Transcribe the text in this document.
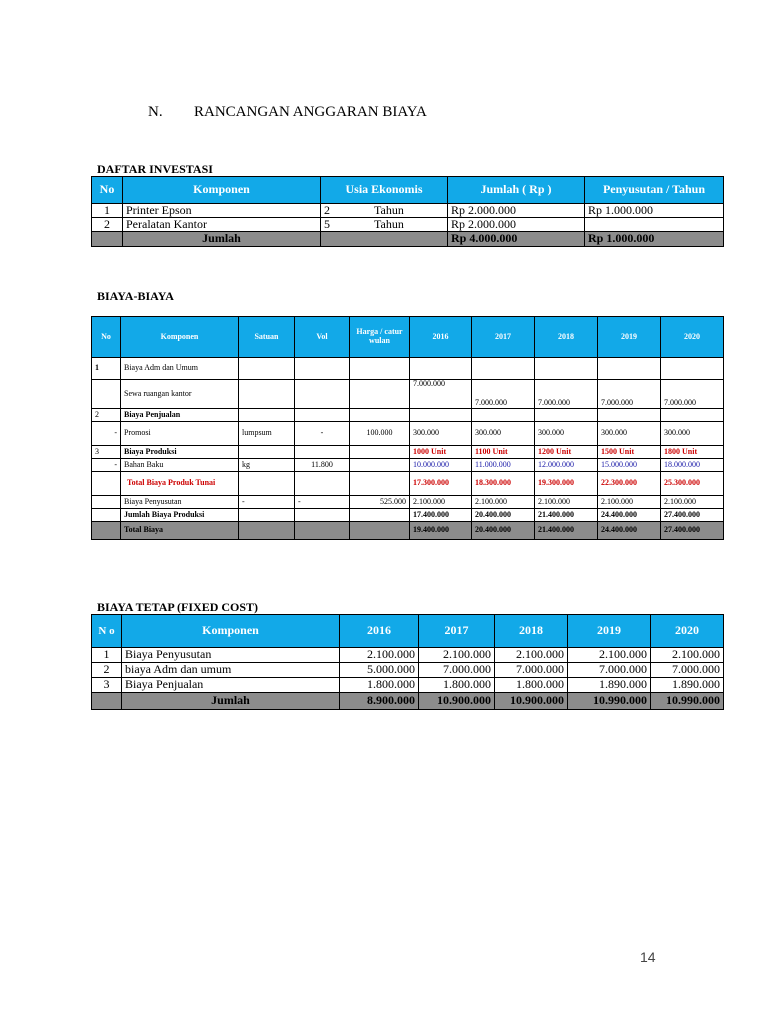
N. RANCANGAN ANGGARAN BIAYA
DAFTAR INVESTASI
No	Komponen	Usia Ekonomis	Jumlah ( Rp )	Penyusutan / Tahun
1	Printer Epson	2 Tahun	Rp 2.000.000	Rp 1.000.000
2	Peralatan Kantor	5 Tahun	Rp 2.000.000	
	Jumlah		Rp 4.000.000	Rp 1.000.000
BIAYA-BIAYA
No	Komponen	Satuan	Vol	Harga / catur wulan	2016	2017	2018	2019	2020
1	Biaya Adm dan Umum								
	Sewa ruangan kantor				7.000.000	7.000.000	7.000.000	7.000.000	7.000.000
2	Biaya Penjualan								
-	Promosi	lumpsum	-	100.000	300.000	300.000	300.000	300.000	300.000
3	Biaya Produksi				1000 Unit	1100 Unit	1200 Unit	1500 Unit	1800 Unit
-	Bahan Baku	kg	11.800		10.000.000	11.000.000	12.000.000	15.000.000	18.000.000
	Total Biaya Produk Tunai				17.300.000	18.300.000	19.300.000	22.300.000	25.300.000
	Biaya Penyusutan	-	-	525.000	2.100.000	2.100.000	2.100.000	2.100.000	2.100.000
	Jumlah Biaya Produksi				17.400.000	20.400.000	21.400.000	24.400.000	27.400.000
	Total Biaya				19.400.000	20.400.000	21.400.000	24.400.000	27.400.000
BIAYA TETAP (FIXED COST)
N o	Komponen	2016	2017	2018	2019	2020
1	Biaya Penyusutan	2.100.000	2.100.000	2.100.000	2.100.000	2.100.000
2	biaya Adm dan umum	5.000.000	7.000.000	7.000.000	7.000.000	7.000.000
3	Biaya Penjualan	1.800.000	1.800.000	1.800.000	1.890.000	1.890.000
	Jumlah	8.900.000	10.900.000	10.900.000	10.990.000	10.990.000
14
